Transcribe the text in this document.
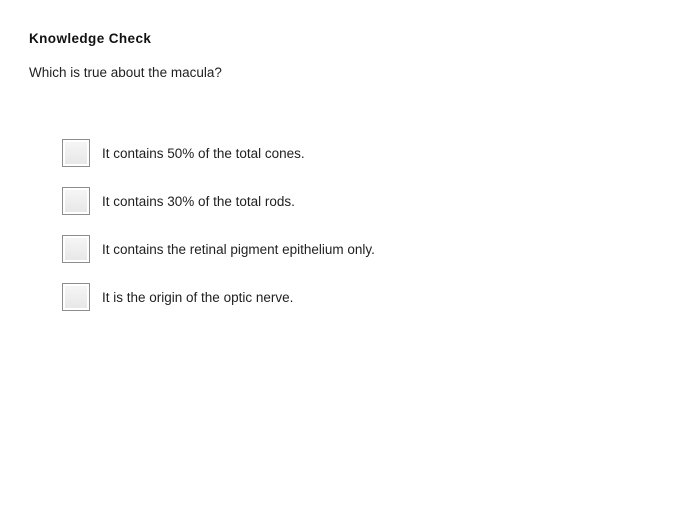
Knowledge Check
Which is true about the macula?
It contains 50% of the total cones.
It contains 30% of the total rods.
It contains the retinal pigment epithelium only.
It is the origin of the optic nerve.
